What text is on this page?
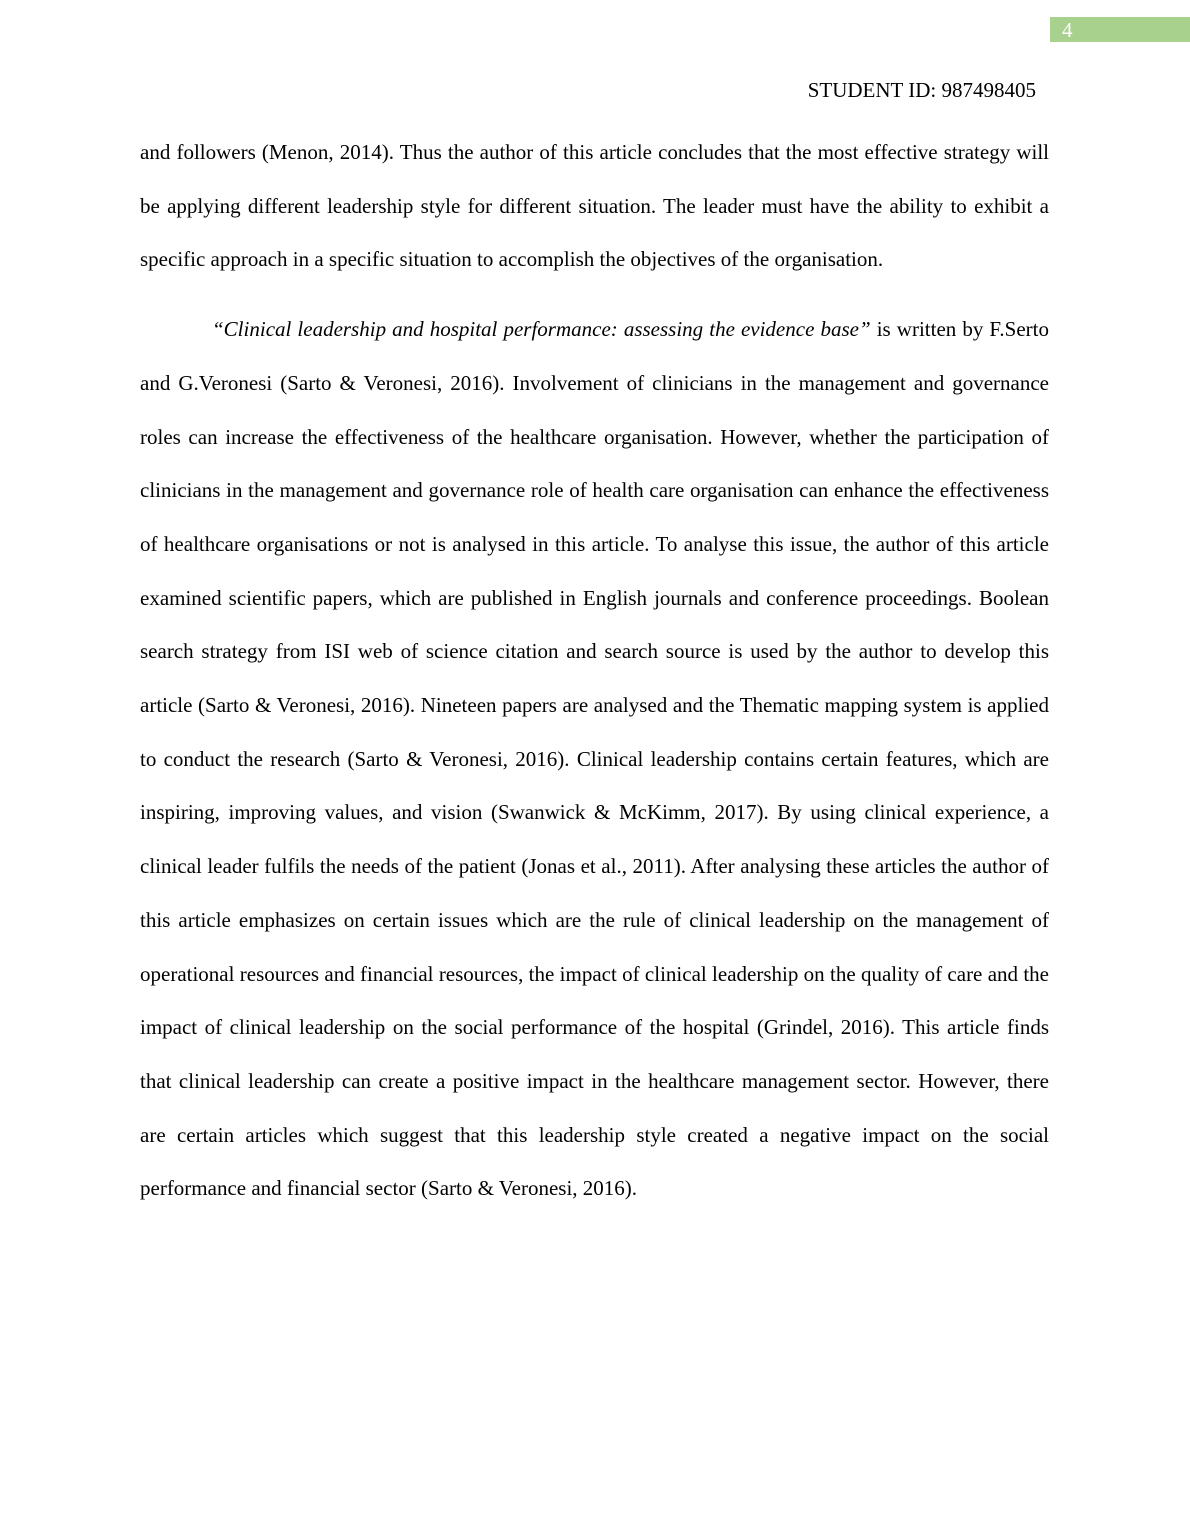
4
STUDENT ID: 987498405

and followers (Menon, 2014). Thus the author of this article concludes that the most effective strategy will be applying different leadership style for different situation. The leader must have the ability to exhibit a specific approach in a specific situation to accomplish the objectives of the organisation.

“Clinical leadership and hospital performance: assessing the evidence base” is written by F.Serto and G.Veronesi (Sarto & Veronesi, 2016). Involvement of clinicians in the management and governance roles can increase the effectiveness of the healthcare organisation. However, whether the participation of clinicians in the management and governance role of health care organisation can enhance the effectiveness of healthcare organisations or not is analysed in this article. To analyse this issue, the author of this article examined scientific papers, which are published in English journals and conference proceedings. Boolean search strategy from ISI web of science citation and search source is used by the author to develop this article (Sarto & Veronesi, 2016). Nineteen papers are analysed and the Thematic mapping system is applied to conduct the research (Sarto & Veronesi, 2016). Clinical leadership contains certain features, which are inspiring, improving values, and vision (Swanwick & McKimm, 2017). By using clinical experience, a clinical leader fulfils the needs of the patient (Jonas et al., 2011). After analysing these articles the author of this article emphasizes on certain issues which are the rule of clinical leadership on the management of operational resources and financial resources, the impact of clinical leadership on the quality of care and the impact of clinical leadership on the social performance of the hospital (Grindel, 2016). This article finds that clinical leadership can create a positive impact in the healthcare management sector. However, there are certain articles which suggest that this leadership style created a negative impact on the social performance and financial sector (Sarto & Veronesi, 2016).
